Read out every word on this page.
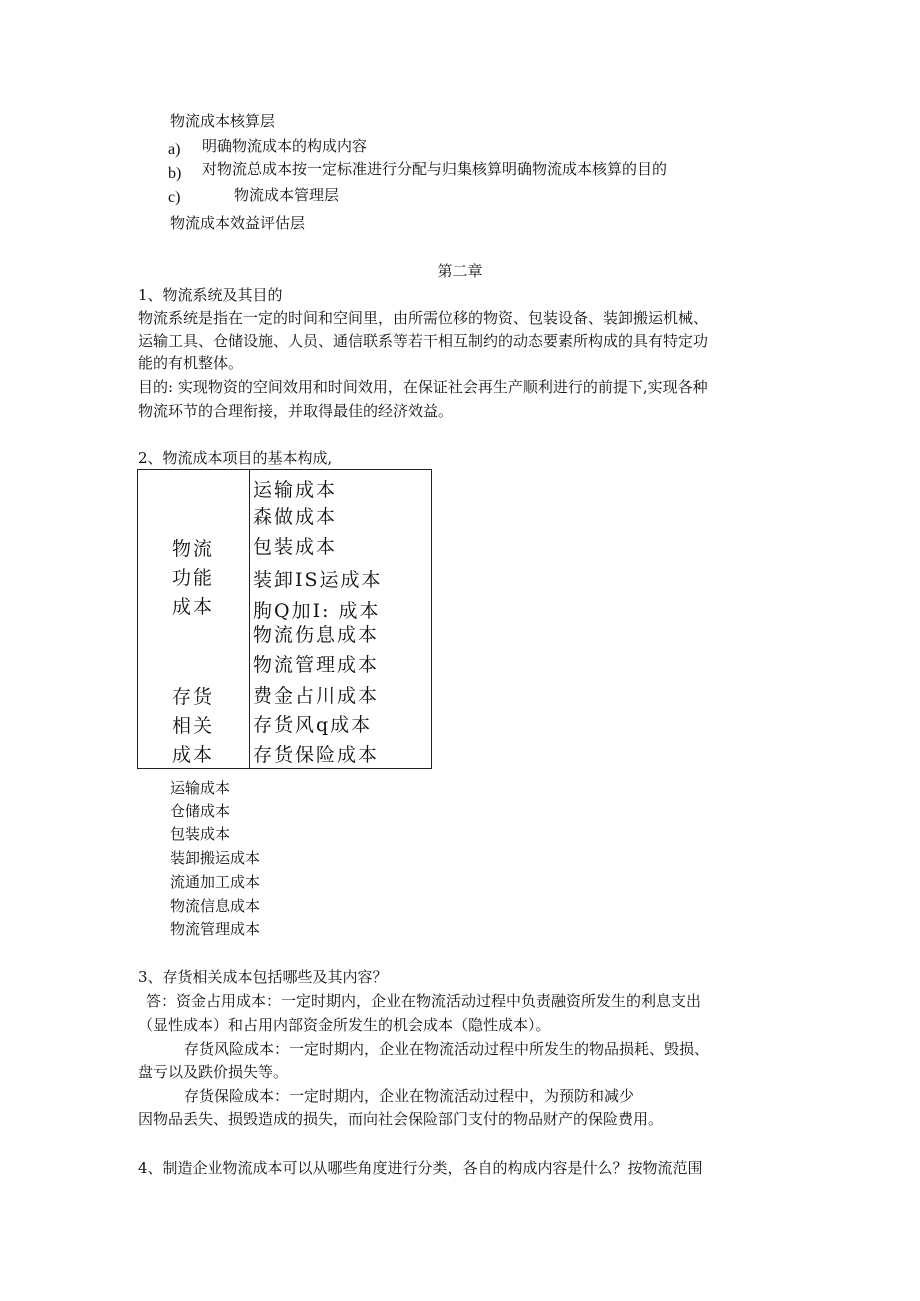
物流成本核算层
a) 明确物流成本的构成内容
b) 对物流总成本按一定标准进行分配与归集核算明确物流成本核算的目的
c)	物流成本管理层
物流成本效益评估层
第二章
1、物流系统及其目的
物流系统是指在一定的时间和空间里，由所需位移的物资、包装设备、装卸搬运机械、
运输工具、仓储设施、人员、通信联系等若干相互制约的动态要素所构成的具有特定功
能的有机整体。
目的: 实现物资的空间效用和时间效用，在保证社会再生产顺利进行的前提下,实现各种
物流环节的合理衔接，并取得最佳的经济效益。
2、物流成本项目的基本构成,
物流
功能
成本
存货
相关
成本
运输成本
森做成本
包装成本
装卸IS运成本
朐Q加I: 成本
物流伤息成本
物流管理成本
费金占川成本
存货风q成本
存货保险成本
运输成本
仓储成本
包装成本
装卸搬运成本
流通加工成本
物流信息成本
物流管理成本
3、存货相关成本包括哪些及其内容？
答：资金占用成本：一定时期内，企业在物流活动过程中负责融资所发生的利息支出
（显性成本）和占用内部资金所发生的机会成本（隐性成本）。
存货风险成本：一定时期内，企业在物流活动过程中所发生的物品损耗、毁损、
盘亏以及跌价损失等。
存货保险成本：一定时期内，企业在物流活动过程中，为预防和减少
因物品丢失、损毁造成的损失，而向社会保险部门支付的物品财产的保险费用。
4、制造企业物流成本可以从哪些角度进行分类，各自的构成内容是什么？按物流范围
